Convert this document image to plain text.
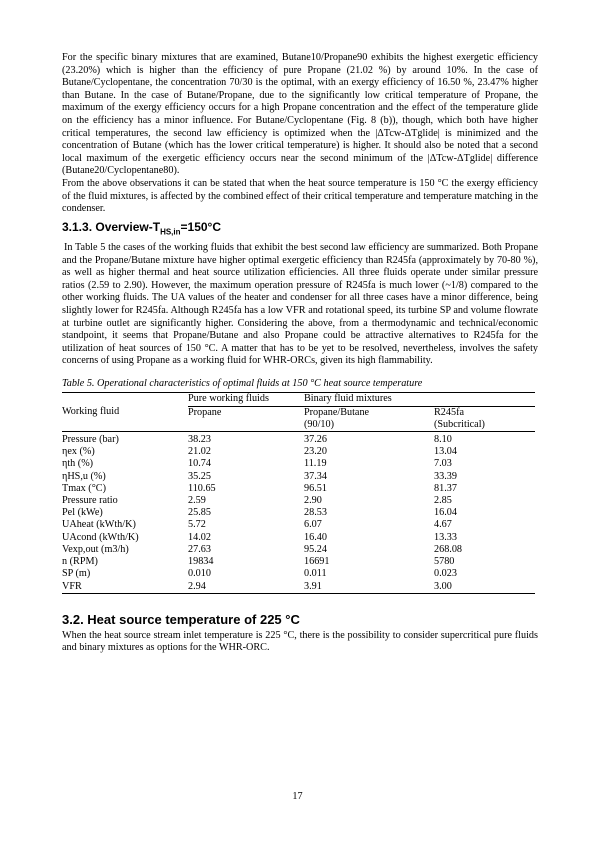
For the specific binary mixtures that are examined, Butane10/Propane90 exhibits the highest exergetic efficiency (23.20%) which is higher than the efficiency of pure Propane (21.02 %) by around 10%. In the case of Butane/Cyclopentane, the concentration 70/30 is the optimal, with an exergy efficiency of 16.50 %, 23.47% higher than Butane. In the case of Butane/Propane, due to the significantly low critical temperature of Propane, the maximum of the exergy efficiency occurs for a high Propane concentration and the effect of the temperature glide on the efficiency has a minor influence. For Butane/Cyclopentane (Fig. 8 (b)), though, which both have higher critical temperatures, the second law efficiency is optimized when the |ΔTcw-ΔTglide| is minimized and the concentration of Butane (which has the lower critical temperature) is higher. It should also be noted that a second local maximum of the exergetic efficiency occurs near the second minimum of the |ΔTcw-ΔTglide| difference (Butane20/Cyclopentane80).

From the above observations it can be stated that when the heat source temperature is 150 °C the exergy efficiency of the fluid mixtures, is affected by the combined effect of their critical temperature and temperature matching in the condenser.

3.1.3. Overview-$T_{HS,in}=150^\circ C$

In Table 5 the cases of the working fluids that exhibit the best second law efficiency are summarized. Both Propane and the Propane/Butane mixture have higher optimal exergetic efficiency than R245fa (approximately by 70-80 %), as well as higher thermal and heat source utilization efficiencies. All three fluids operate under similar pressure ratios (2.59 to 2.90). However, the maximum operation pressure of R245fa is much lower (~1/8) compared to the other working fluids. The UA values of the heater and condenser for all three cases have a minor difference, being slightly lower for R245fa. Although R245fa has a low VFR and rotational speed, its turbine SP and volume flowrate at turbine outlet are significantly higher. Considering the above, from a thermodynamic and technical/economic standpoint, it seems that Propane/Butane and also Propane could be attractive alternatives to R245fa for the utilization of heat sources of 150 °C. A matter that has to be yet to be resolved, nevertheless, involves the safety concerns of using Propane as a working fluid for WHR-ORCs, given its high flammability.

Table 5. Operational characteristics of optimal fluids at 150 °C heat source temperature
	Pure working fluids	Binary fluid mixtures	
Working fluid	Propane	Propane/Butane	R245fa
		(90/10)	(Subcritical)
Pressure (bar)	38.23	37.26	8.10
ηex (%)	21.02	23.20	13.04
ηth (%)	10.74	11.19	7.03
ηHS,u (%)	35.25	37.34	33.39
Tmax (°C)	110.65	96.51	81.37
Pressure ratio	2.59	2.90	2.85
Pel (kWe)	25.85	28.53	16.04
UAheat (kWth/K)	5.72	6.07	4.67
UAcond (kWth/K)	14.02	16.40	13.33
Vexp,out (m3/h)	27.63	95.24	268.08
n (RPM)	19834	16691	5780
SP (m)	0.010	0.011	0.023
VFR	2.94	3.91	3.00
3.2. Heat source temperature of 225 °C

When the heat source stream inlet temperature is 225 °C, there is the possibility to consider supercritical pure fluids and binary mixtures as options for the WHR-ORC.

17
